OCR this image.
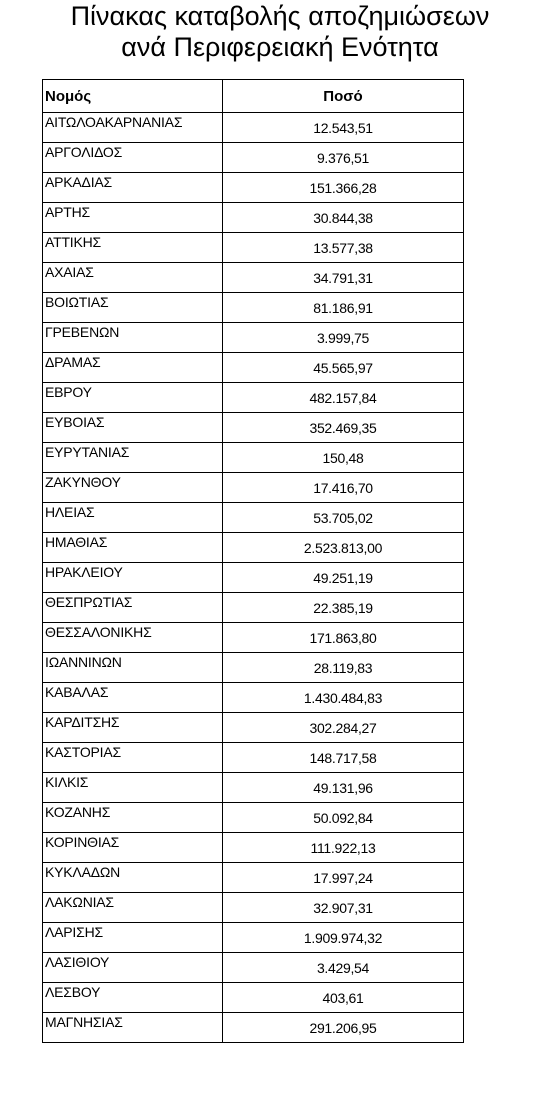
Πίνακας καταβολής αποζημιώσεων
ανά Περιφερειακή Ενότητα
Νομός	Ποσό
ΑΙΤΩΛΟΑΚΑΡΝΑΝΙΑΣ	12.543,51
ΑΡΓΟΛΙΔΟΣ	9.376,51
ΑΡΚΑΔΙΑΣ	151.366,28
ΑΡΤΗΣ	30.844,38
ΑΤΤΙΚΗΣ	13.577,38
ΑΧΑΙΑΣ	34.791,31
ΒΟΙΩΤΙΑΣ	81.186,91
ΓΡΕΒΕΝΩΝ	3.999,75
ΔΡΑΜΑΣ	45.565,97
ΕΒΡΟΥ	482.157,84
ΕΥΒΟΙΑΣ	352.469,35
ΕΥΡΥΤΑΝΙΑΣ	150,48
ΖΑΚΥΝΘΟΥ	17.416,70
ΗΛΕΙΑΣ	53.705,02
ΗΜΑΘΙΑΣ	2.523.813,00
ΗΡΑΚΛΕΙΟΥ	49.251,19
ΘΕΣΠΡΩΤΙΑΣ	22.385,19
ΘΕΣΣΑΛΟΝΙΚΗΣ	171.863,80
ΙΩΑΝΝΙΝΩΝ	28.119,83
ΚΑΒΑΛΑΣ	1.430.484,83
ΚΑΡΔΙΤΣΗΣ	302.284,27
ΚΑΣΤΟΡΙΑΣ	148.717,58
ΚΙΛΚΙΣ	49.131,96
ΚΟΖΑΝΗΣ	50.092,84
ΚΟΡΙΝΘΙΑΣ	111.922,13
ΚΥΚΛΑΔΩΝ	17.997,24
ΛΑΚΩΝΙΑΣ	32.907,31
ΛΑΡΙΣΗΣ	1.909.974,32
ΛΑΣΙΘΙΟΥ	3.429,54
ΛΕΣΒΟΥ	403,61
ΜΑΓΝΗΣΙΑΣ	291.206,95
